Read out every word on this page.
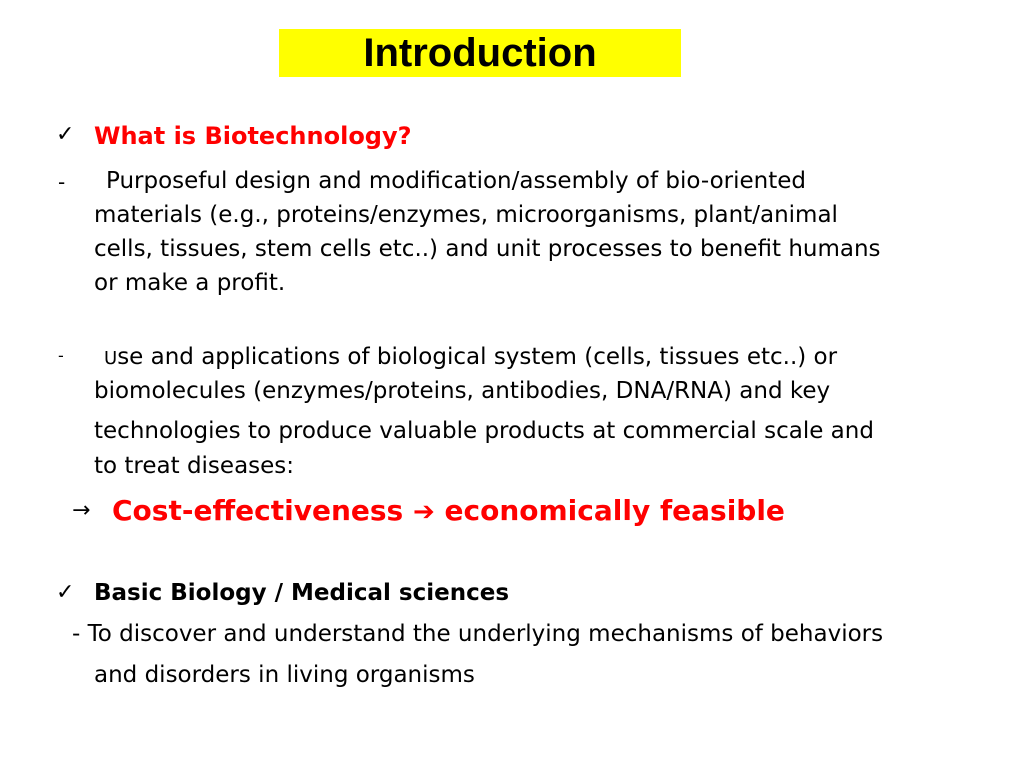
Introduction
✓ What is Biotechnology?
- Purposeful design and modification/assembly of bio-oriented
materials (e.g., proteins/enzymes, microorganisms, plant/animal
cells, tissues, stem cells etc..) and unit processes to benefit humans
or make a profit.
- Use and applications of biological system (cells, tissues etc..) or
biomolecules (enzymes/proteins, antibodies, DNA/RNA) and key
technologies to produce valuable products at commercial scale and
to treat diseases:
→ Cost-effectiveness ➔ economically feasible
✓ Basic Biology / Medical sciences
- To discover and understand the underlying mechanisms of behaviors
and disorders in living organisms
